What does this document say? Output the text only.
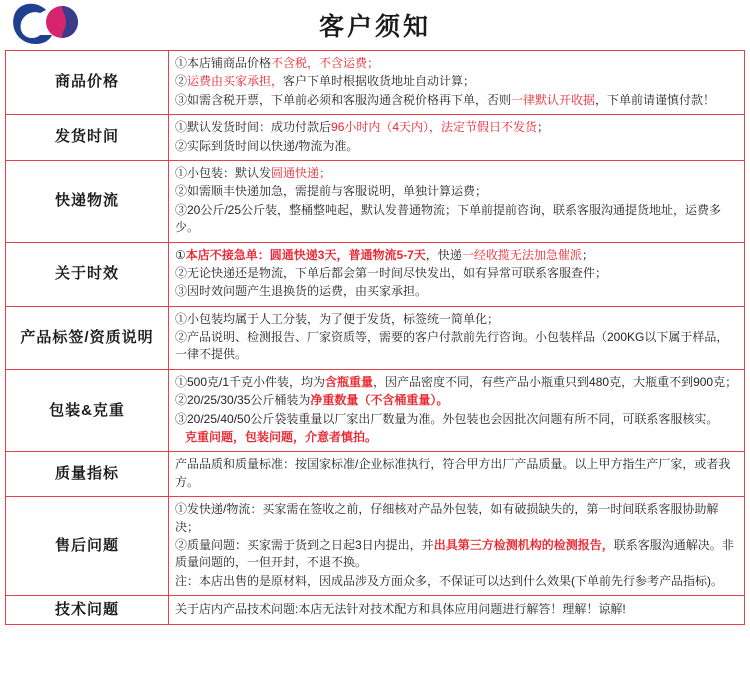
客户须知
商品价格	①本店铺商品价格不含税，不含运费；

②运费由买家承担，客户下单时根据收货地址自动计算；

③如需含税开票，下单前必须和客服沟通含税价格再下单，否则一律默认开收据，下单前请谨慎付款！

发货时间	①默认发货时间：成功付款后96小时内（4天内），法定节假日不发货；

②实际到货时间以快递/物流为准。

快递物流	①小包装：默认发圆通快递；

②如需顺丰快递加急，需提前与客服说明，单独计算运费；

③20公斤/25公斤装，整桶整吨起，默认发普通物流；下单前提前咨询，联系客服沟通提货地址，运费多少。

关于时效	①本店不接急单：圆通快递3天，普通物流5-7天，快递一经收揽无法加急催派；

②无论快递还是物流，下单后都会第一时间尽快发出，如有异常可联系客服查件；

③因时效问题产生退换货的运费，由买家承担。

产品标签/资质说明	①小包装均属于人工分装，为了便于发货，标签统一简单化；

②产品说明、检测报告、厂家资质等，需要的客户付款前先行咨询。小包装样品（200KG以下属于样品，一律不提供。

包装&克重	①500克/1千克小件装，均为含瓶重量，因产品密度不同，有些产品小瓶重只到480克，大瓶重不到900克；

②20/25/30/35公斤桶装为净重数量（不含桶重量）。

③20/25/40/50公斤袋装重量以厂家出厂数量为准。外包装也会因批次问题有所不同，可联系客服核实。

克重问题，包装问题，介意者慎拍。

质量指标	产品品质和质量标准：按国家标准/企业标准执行，符合甲方出厂产品质量。以上甲方指生产厂家，或者我方。

售后问题	①发快递/物流：买家需在签收之前，仔细核对产品外包装，如有破损缺失的，第一时间联系客服协助解决；

②质量问题：买家需于货到之日起3日内提出，并出具第三方检测机构的检测报告，联系客服沟通解决。非质量问题的，一但开封，不退不换。

注：本店出售的是原材料，因成品涉及方面众多，不保证可以达到什么效果(下单前先行参考产品指标)。

技术问题	关于店内产品技术问题:本店无法针对技术配方和具体应用问题进行解答！理解！谅解!
